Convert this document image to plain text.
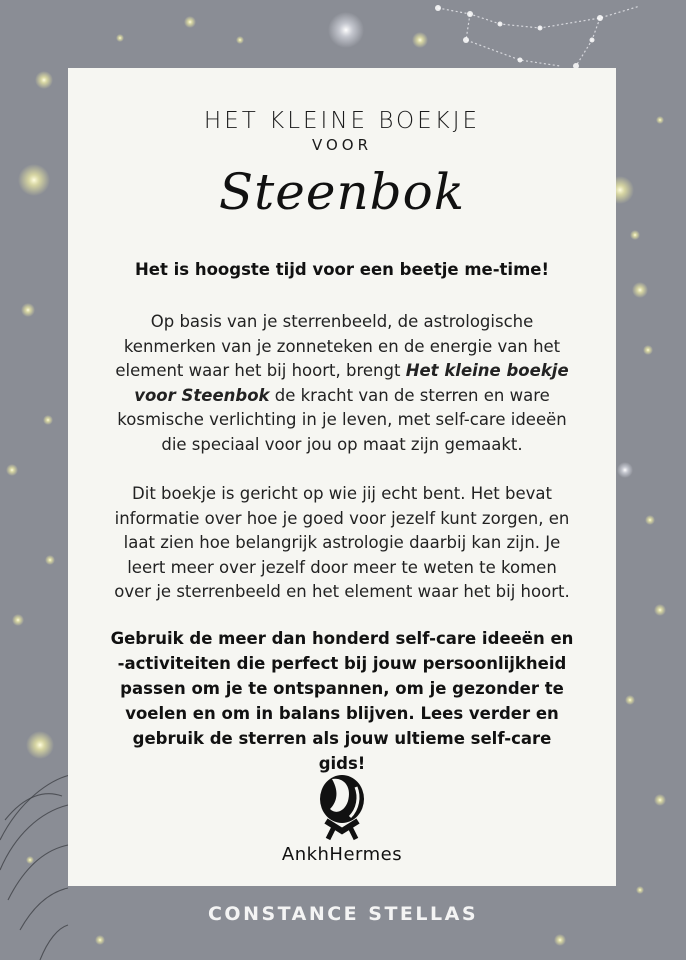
HET KLEINE BOEKJE
VOOR
Steenbok
Het is hoogste tijd voor een beetje me-time!
Op basis van je sterrenbeeld, de astrologische kenmerken van je zonneteken en de energie van het element waar het bij hoort, brengt Het kleine boekje voor Steenbok de kracht van de sterren en ware kosmische verlichting in je leven, met self-care ideeën die speciaal voor jou op maat zijn gemaakt.
Dit boekje is gericht op wie jij echt bent. Het bevat informatie over hoe je goed voor jezelf kunt zorgen, en laat zien hoe belangrijk astrologie daarbij kan zijn. Je leert meer over jezelf door meer te weten te komen over je sterrenbeeld en het element waar het bij hoort.
Gebruik de meer dan honderd self-care ideeën en -activiteiten die perfect bij jouw persoonlijkheid passen om je te ontspannen, om je gezonder te voelen en om in balans blijven. Lees verder en gebruik de sterren als jouw ultieme self-care gids!
AnkhHermes
CONSTANCE STELLAS
